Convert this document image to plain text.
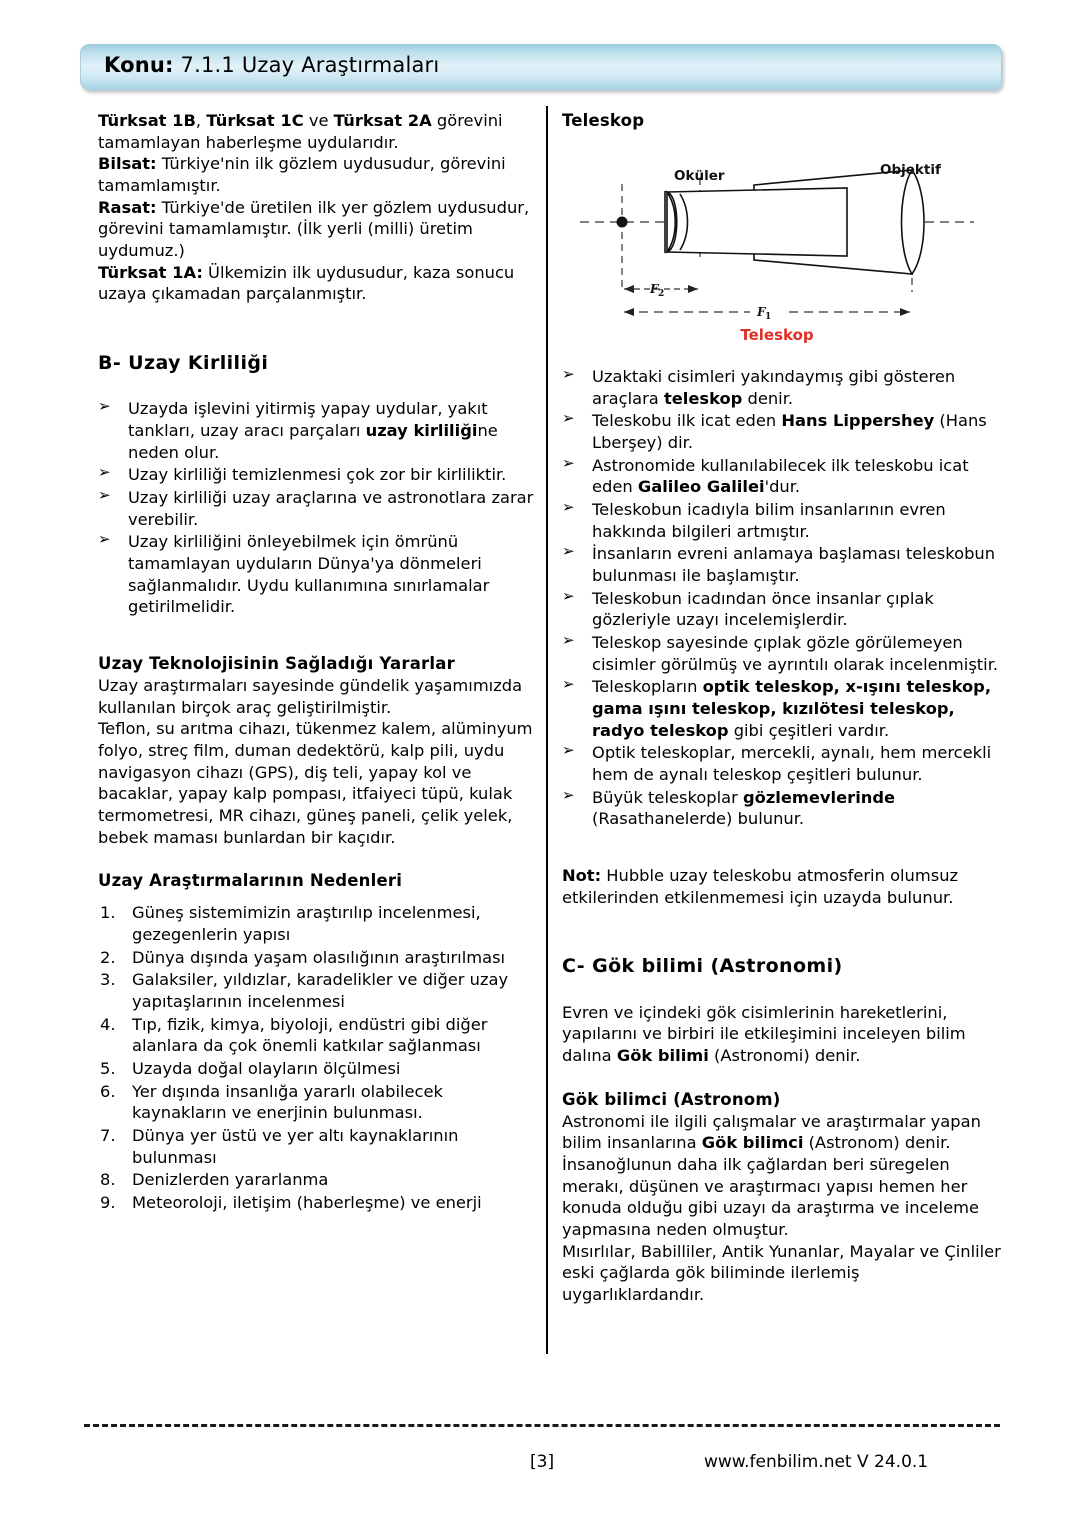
Konu: 7.1.1 Uzay Araştırmaları

Türksat 1B, Türksat 1C ve Türksat 2A görevini tamamlayan haberleşme uydularıdır.

Bilsat: Türkiye'nin ilk gözlem uydusudur, görevini tamamlamıştır.

Rasat: Türkiye'de üretilen ilk yer gözlem uydusudur, görevini tamamlamıştır. (İlk yerli (milli) üretim uydumuz.)

Türksat 1A: Ülkemizin ilk uydusudur, kaza sonucu uzaya çıkamadan parçalanmıştır.

B- Uzay Kirliliği

➢ Uzayda işlevini yitirmiş yapay uydular, yakıt tankları, uzay aracı parçaları uzay kirliliğine neden olur.
➢ Uzay kirliliği temizlenmesi çok zor bir kirliliktir.
➢ Uzay kirliliği uzay araçlarına ve astronotlara zarar verebilir.
➢ Uzay kirliliğini önleyebilmek için ömrünü tamamlayan uyduların Dünya'ya dönmeleri sağlanmalıdır. Uydu kullanımına sınırlamalar getirilmelidir.

Uzay Teknolojisinin Sağladığı Yararlar

Uzay araştırmaları sayesinde gündelik yaşamımızda kullanılan birçok araç geliştirilmiştir.

Teflon, su arıtma cihazı, tükenmez kalem, alüminyum folyo, streç film, duman dedektörü, kalp pili, uydu navigasyon cihazı (GPS), diş teli, yapay kol ve bacaklar, yapay kalp pompası, itfaiyeci tüpü, kulak termometresi, MR cihazı, güneş paneli, çelik yelek, bebek maması bunlardan bir kaçıdır.

Uzay Araştırmalarının Nedenleri

Güneş sistemimizin araştırılıp incelenmesi, gezegenlerin yapısı
Dünya dışında yaşam olasılığının araştırılması
Galaksiler, yıldızlar, karadelikler ve diğer uzay yapıtaşlarının incelenmesi
Tıp, fizik, kimya, biyoloji, endüstri gibi diğer alanlara da çok önemli katkılar sağlanması
Uzayda doğal olayların ölçülmesi
Yer dışında insanlığa yararlı olabilecek kaynakların ve enerjinin bulunması.
Dünya yer üstü ve yer altı kaynaklarının bulunması
Denizlerden yararlanma
Meteoroloji, iletişim (haberleşme) ve enerji

Teleskop

F 2
F 1
Oküler	Objektif
Teleskop
➢ Uzaktaki cisimleri yakındaymış gibi gösteren araçlara teleskop denir.
➢ Teleskobu ilk icat eden Hans Lippershey (Hans Lberşey) dir.
➢ Astronomide kullanılabilecek ilk teleskobu icat eden Galileo Galilei'dur.
➢ Teleskobun icadıyla bilim insanlarının evren hakkında bilgileri artmıştır.
➢ İnsanların evreni anlamaya başlaması teleskobun bulunması ile başlamıştır.
➢ Teleskobun icadından önce insanlar çıplak gözleriyle uzayı incelemişlerdir.
➢ Teleskop sayesinde çıplak gözle görülemeyen cisimler görülmüş ve ayrıntılı olarak incelenmiştir.
➢ Teleskopların optik teleskop, x-ışını teleskop, gama ışını teleskop, kızılötesi teleskop, radyo teleskop gibi çeşitleri vardır.
➢ Optik teleskoplar, mercekli, aynalı, hem mercekli hem de aynalı teleskop çeşitleri bulunur.
➢ Büyük teleskoplar gözlemevlerinde (Rasathanelerde) bulunur.

Not: Hubble uzay teleskobu atmosferin olumsuz etkilerinden etkilenmemesi için uzayda bulunur.

C- Gök bilimi (Astronomi)

Evren ve içindeki gök cisimlerinin hareketlerini, yapılarını ve birbiri ile etkileşimini inceleyen bilim dalına Gök bilimi (Astronomi) denir.

Gök bilimci (Astronom)

Astronomi ile ilgili çalışmalar ve araştırmalar yapan bilim insanlarına Gök bilimci (Astronom) denir.

İnsanoğlunun daha ilk çağlardan beri süregelen merakı, düşünen ve araştırmacı yapısı hemen her konuda olduğu gibi uzayı da araştırma ve inceleme yapmasına neden olmuştur.

Mısırlılar, Babilliler, Antik Yunanlar, Mayalar ve Çinliler eski çağlarda gök biliminde ilerlemiş uygarlıklardandır.

[3]	www.fenbilim.net V 24.0.1
